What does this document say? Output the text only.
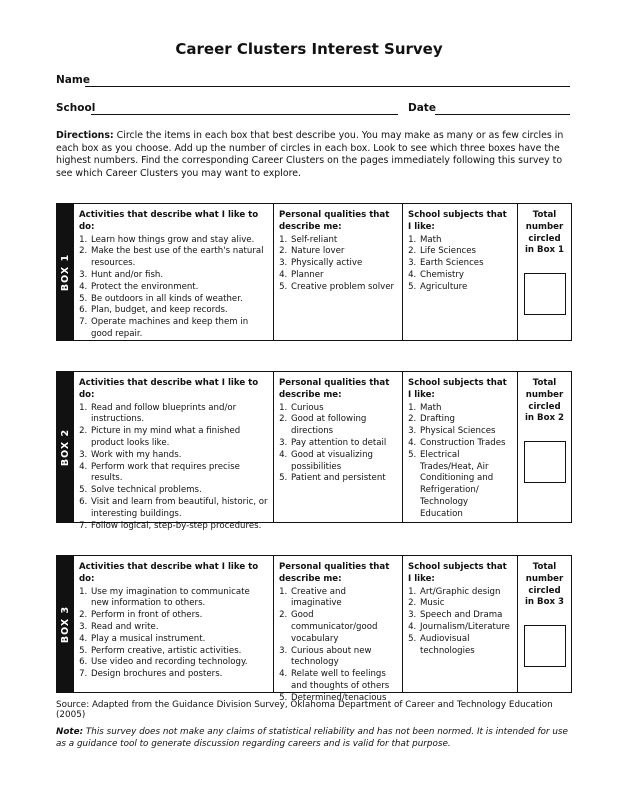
Career Clusters Interest Survey
Name
School	Date
Directions: Circle the items in each box that best describe you. You may make as many or as few circles in each box as you choose. Add up the number of circles in each box. Look to see which three boxes have the highest numbers. Find the corresponding Career Clusters on the pages immediately following this survey to see which Career Clusters you may want to explore.
BOX 1
Activities that describe what I like to do:
1. Learn how things grow and stay alive.
2. Make the best use of the earth's natural resources.
3. Hunt and/or fish.
4. Protect the environment.
5. Be outdoors in all kinds of weather.
6. Plan, budget, and keep records.
7. Operate machines and keep them in good repair.
Personal qualities that describe me:
1. Self-reliant
2. Nature lover
3. Physically active
4. Planner
5. Creative problem solver
School subjects that I like:
1. Math
2. Life Sciences
3. Earth Sciences
4. Chemistry
5. Agriculture
Total number circled in Box 1
BOX 2
Activities that describe what I like to do:
1. Read and follow blueprints and/or instructions.
2. Picture in my mind what a finished product looks like.
3. Work with my hands.
4. Perform work that requires precise results.
5. Solve technical problems.
6. Visit and learn from beautiful, historic, or interesting buildings.
7. Follow logical, step-by-step procedures.
Personal qualities that describe me:
1. Curious
2. Good at following directions
3. Pay attention to detail
4. Good at visualizing possibilities
5. Patient and persistent
School subjects that I like:
1. Math
2. Drafting
3. Physical Sciences
4. Construction Trades
5. Electrical Trades/Heat, Air Conditioning and Refrigeration/ Technology Education
Total number circled in Box 2
BOX 3
Activities that describe what I like to do:
1. Use my imagination to communicate new information to others.
2. Perform in front of others.
3. Read and write.
4. Play a musical instrument.
5. Perform creative, artistic activities.
6. Use video and recording technology.
7. Design brochures and posters.
Personal qualities that describe me:
1. Creative and imaginative
2. Good communicator/good vocabulary
3. Curious about new technology
4. Relate well to feelings and thoughts of others
5. Determined/tenacious
School subjects that I like:
1. Art/Graphic design
2. Music
3. Speech and Drama
4. Journalism/Literature
5. Audiovisual technologies
Total number circled in Box 3
Source: Adapted from the Guidance Division Survey, Oklahoma Department of Career and Technology Education (2005)
Note: This survey does not make any claims of statistical reliability and has not been normed. It is intended for use as a guidance tool to generate discussion regarding careers and is valid for that purpose.
